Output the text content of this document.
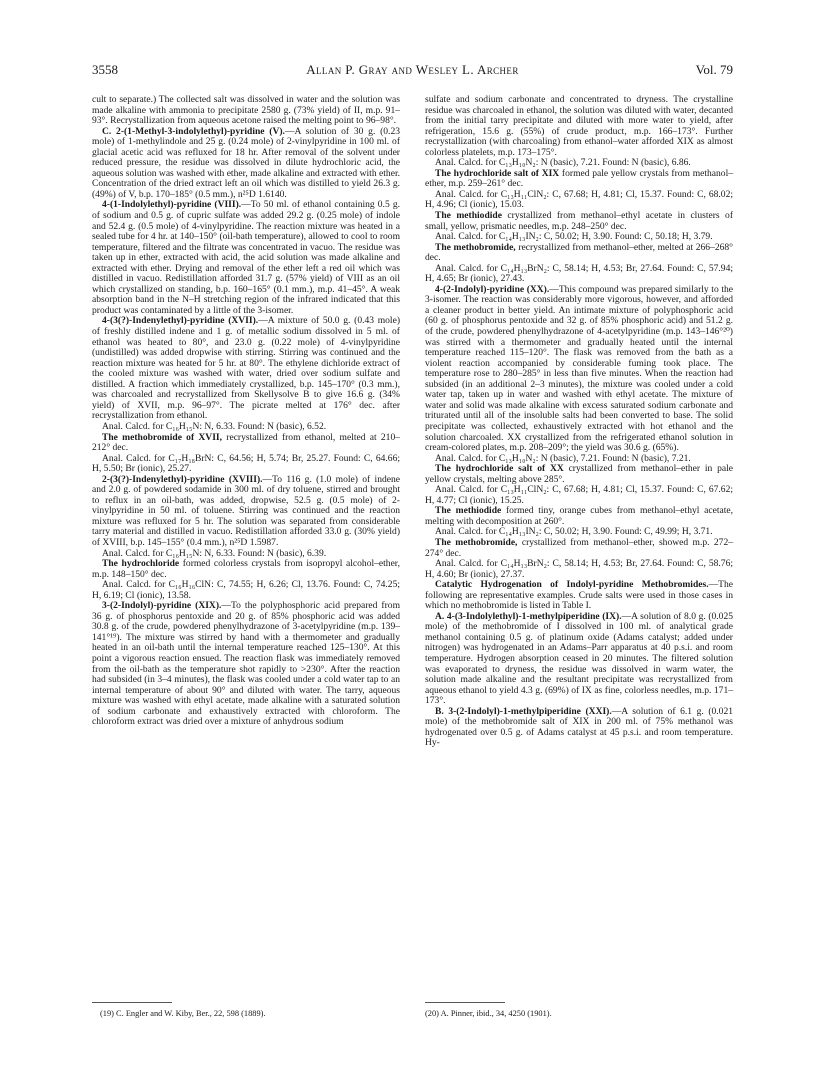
3558	Allan P. Gray and Wesley L. Archer	Vol. 79

cult to separate.) The collected salt was dissolved in water and the solution was made alkaline with ammonia to precipitate 2580 g. (73% yield) of II, m.p. 91–93°. Recrystallization from aqueous acetone raised the melting point to 96–98°.

C. 2-(1-Methyl-3-indolylethyl)-pyridine (V).—A solution of 30 g. (0.23 mole) of 1-methylindole and 25 g. (0.24 mole) of 2-vinylpyridine in 100 ml. of glacial acetic acid was refluxed for 18 hr. After removal of the solvent under reduced pressure, the residue was dissolved in dilute hydrochloric acid, the aqueous solution was washed with ether, made alkaline and extracted with ether. Concentration of the dried extract left an oil which was distilled to yield 26.3 g. (49%) of V, b.p. 170–185° (0.5 mm.), n²⁵D 1.6140.

4-(1-Indolylethyl)-pyridine (VIII).—To 50 ml. of ethanol containing 0.5 g. of sodium and 0.5 g. of cupric sulfate was added 29.2 g. (0.25 mole) of indole and 52.4 g. (0.5 mole) of 4-vinylpyridine. The reaction mixture was heated in a sealed tube for 4 hr. at 140–150° (oil-bath temperature), allowed to cool to room temperature, filtered and the filtrate was concentrated in vacuo. The residue was taken up in ether, extracted with acid, the acid solution was made alkaline and extracted with ether. Drying and removal of the ether left a red oil which was distilled in vacuo. Redistillation afforded 31.7 g. (57% yield) of VIII as an oil which crystallized on standing, b.p. 160–165° (0.1 mm.), m.p. 41–45°. A weak absorption band in the N–H stretching region of the infrared indicated that this product was contaminated by a little of the 3-isomer.

4-(3(?)-Indenylethyl)-pyridine (XVII).—A mixture of 50.0 g. (0.43 mole) of freshly distilled indene and 1 g. of metallic sodium dissolved in 5 ml. of ethanol was heated to 80°, and 23.0 g. (0.22 mole) of 4-vinylpyridine (undistilled) was added dropwise with stirring. Stirring was continued and the reaction mixture was heated for 5 hr. at 80°. The ethylene dichloride extract of the cooled mixture was washed with water, dried over sodium sulfate and distilled. A fraction which immediately crystallized, b.p. 145–170° (0.3 mm.), was charcoaled and recrystallized from Skellysolve B to give 16.6 g. (34% yield) of XVII, m.p. 96–97°. The picrate melted at 176° dec. after recrystallization from ethanol.

Anal. Calcd. for C₁₆H₁₅N: N, 6.33. Found: N (basic), 6.52.

The methobromide of XVII, recrystallized from ethanol, melted at 210–212° dec.

Anal. Calcd. for C₁₇H₁₈BrN: C, 64.56; H, 5.74; Br, 25.27. Found: C, 64.66; H, 5.50; Br (ionic), 25.27.

2-(3(?)-Indenylethyl)-pyridine (XVIII).—To 116 g. (1.0 mole) of indene and 2.0 g. of powdered sodamide in 300 ml. of dry toluene, stirred and brought to reflux in an oil-bath, was added, dropwise, 52.5 g. (0.5 mole) of 2-vinylpyridine in 50 ml. of toluene. Stirring was continued and the reaction mixture was refluxed for 5 hr. The solution was separated from considerable tarry material and distilled in vacuo. Redistillation afforded 33.0 g. (30% yield) of XVIII, b.p. 145–155° (0.4 mm.), n²⁵D 1.5987.

Anal. Calcd. for C₁₆H₁₅N: N, 6.33. Found: N (basic), 6.39.

The hydrochloride formed colorless crystals from isopropyl alcohol–ether, m.p. 148–150° dec.

Anal. Calcd. for C₁₆H₁₆ClN: C, 74.55; H, 6.26; Cl, 13.76. Found: C, 74.25; H, 6.19; Cl (ionic), 13.58.

3-(2-Indolyl)-pyridine (XIX).—To the polyphosphoric acid prepared from 36 g. of phosphorus pentoxide and 20 g. of 85% phosphoric acid was added 30.8 g. of the crude, powdered phenylhydrazone of 3-acetylpyridine (m.p. 139–141°¹⁹). The mixture was stirred by hand with a thermometer and gradually heated in an oil-bath until the internal temperature reached 125–130°. At this point a vigorous reaction ensued. The reaction flask was immediately removed from the oil-bath as the temperature shot rapidly to >230°. After the reaction had subsided (in 3–4 minutes), the flask was cooled under a cold water tap to an internal temperature of about 90° and diluted with water. The tarry, aqueous mixture was washed with ethyl acetate, made alkaline with a saturated solution of sodium carbonate and exhaustively extracted with chloroform. The chloroform extract was dried over a mixture of anhydrous sodium

sulfate and sodium carbonate and concentrated to dryness. The crystalline residue was charcoaled in ethanol, the solution was diluted with water, decanted from the initial tarry precipitate and diluted with more water to yield, after refrigeration, 15.6 g. (55%) of crude product, m.p. 166–173°. Further recrystallization (with charcoaling) from ethanol–water afforded XIX as almost colorless platelets, m.p. 173–175°.

Anal. Calcd. for C₁₃H₁₀N₂: N (basic), 7.21. Found: N (basic), 6.86.

The hydrochloride salt of XIX formed pale yellow crystals from methanol–ether, m.p. 259–261° dec.

Anal. Calcd. for C₁₃H₁₁ClN₂: C, 67.68; H, 4.81; Cl, 15.37. Found: C, 68.02; H, 4.96; Cl (ionic), 15.03.

The methiodide crystallized from methanol–ethyl acetate in clusters of small, yellow, prismatic needles, m.p. 248–250° dec.

Anal. Calcd. for C₁₄H₁₃IN₂: C, 50.02; H, 3.90. Found: C, 50.18; H, 3.79.

The methobromide, recrystallized from methanol–ether, melted at 266–268° dec.

Anal. Calcd. for C₁₄H₁₃BrN₂: C, 58.14; H, 4.53; Br, 27.64. Found: C, 57.94; H, 4.65; Br (ionic), 27.43.

4-(2-Indolyl)-pyridine (XX).—This compound was prepared similarly to the 3-isomer. The reaction was considerably more vigorous, however, and afforded a cleaner product in better yield. An intimate mixture of polyphosphoric acid (60 g. of phosphorus pentoxide and 32 g. of 85% phosphoric acid) and 51.2 g. of the crude, powdered phenylhydrazone of 4-acetylpyridine (m.p. 143–146°²⁰) was stirred with a thermometer and gradually heated until the internal temperature reached 115–120°. The flask was removed from the bath as a violent reaction accompanied by considerable fuming took place. The temperature rose to 280–285° in less than five minutes. When the reaction had subsided (in an additional 2–3 minutes), the mixture was cooled under a cold water tap, taken up in water and washed with ethyl acetate. The mixture of water and solid was made alkaline with excess saturated sodium carbonate and triturated until all of the insoluble salts had been converted to base. The solid precipitate was collected, exhaustively extracted with hot ethanol and the solution charcoaled. XX crystallized from the refrigerated ethanol solution in cream-colored plates, m.p. 208–209°; the yield was 30.6 g. (65%).

Anal. Calcd. for C₁₃H₁₀N₂: N (basic), 7.21. Found: N (basic), 7.21.

The hydrochloride salt of XX crystallized from methanol–ether in pale yellow crystals, melting above 285°.

Anal. Calcd. for C₁₃H₁₁ClN₂: C, 67.68; H, 4.81; Cl, 15.37. Found: C, 67.62; H, 4.77; Cl (ionic), 15.25.

The methiodide formed tiny, orange cubes from methanol–ethyl acetate, melting with decomposition at 260°.

Anal. Calcd. for C₁₄H₁₃IN₂: C, 50.02; H, 3.90. Found: C, 49.99; H, 3.71.

The methobromide, crystallized from methanol–ether, showed m.p. 272–274° dec.

Anal. Calcd. for C₁₄H₁₃BrN₂: C, 58.14; H, 4.53; Br, 27.64. Found: C, 58.76; H, 4.60; Br (ionic), 27.37.

Catalytic Hydrogenation of Indolyl-pyridine Methobromides.—The following are representative examples. Crude salts were used in those cases in which no methobromide is listed in Table I.

A. 4-(3-Indolylethyl)-1-methylpiperidine (IX).—A solution of 8.0 g. (0.025 mole) of the methobromide of I dissolved in 100 ml. of analytical grade methanol containing 0.5 g. of platinum oxide (Adams catalyst; added under nitrogen) was hydrogenated in an Adams–Parr apparatus at 40 p.s.i. and room temperature. Hydrogen absorption ceased in 20 minutes. The filtered solution was evaporated to dryness, the residue was dissolved in warm water, the solution made alkaline and the resultant precipitate was recrystallized from aqueous ethanol to yield 4.3 g. (69%) of IX as fine, colorless needles, m.p. 171–173°.

B. 3-(2-Indolyl)-1-methylpiperidine (XXI).—A solution of 6.1 g. (0.021 mole) of the methobromide salt of XIX in 200 ml. of 75% methanol was hydrogenated over 0.5 g. of Adams catalyst at 45 p.s.i. and room temperature. Hy-

(19) C. Engler and W. Kiby, Ber., 22, 598 (1889).	(20) A. Pinner, ibid., 34, 4250 (1901).
